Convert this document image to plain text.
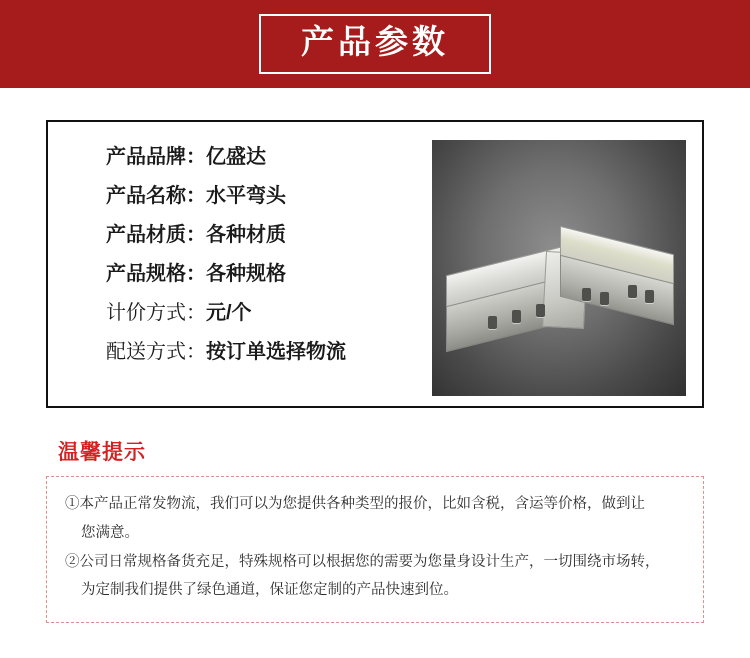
产品参数
产品品牌： 亿盛达
产品名称： 水平弯头
产品材质： 各种材质
产品规格： 各种规格
计价方式： 元/个
配送方式： 按订单选择物流
温馨提示

①本产品正常发物流，我们可以为您提供各种类型的报价，比如含税，含运等价格，做到让

您满意。

②公司日常规格备货充足，特殊规格可以根据您的需要为您量身设计生产，一切围绕市场转，

为定制我们提供了绿色通道，保证您定制的产品快速到位。
